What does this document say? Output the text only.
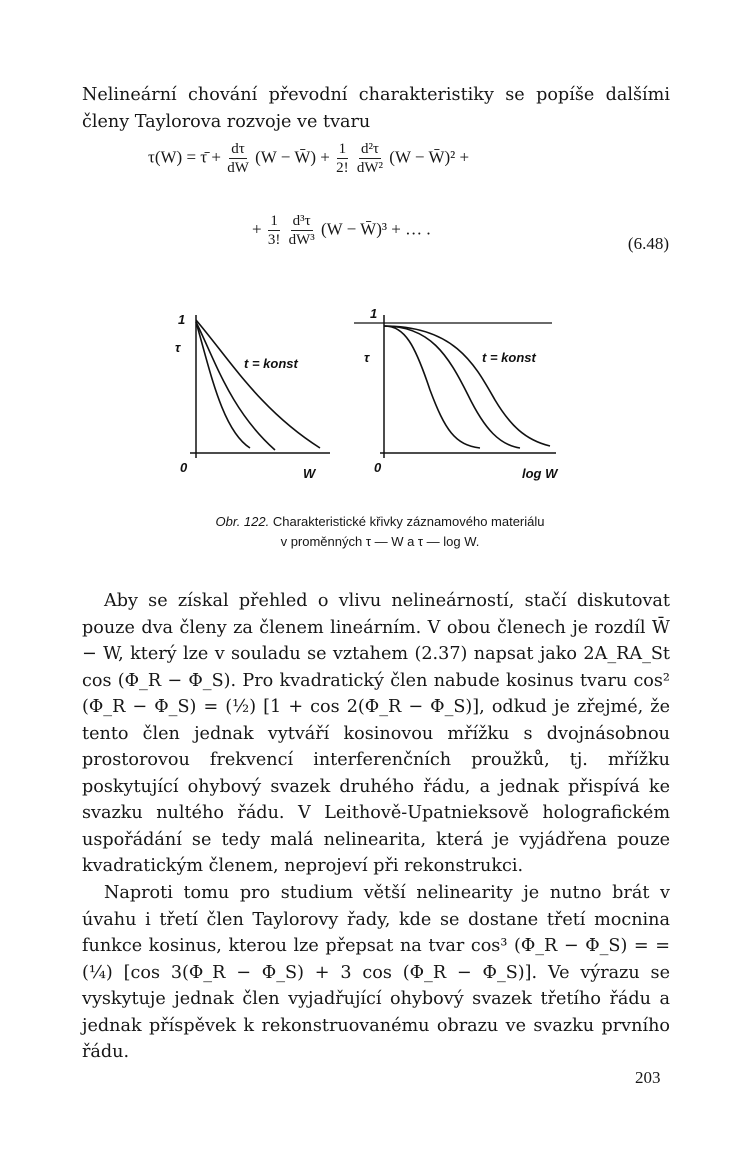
Nelineární chování převodní charakteristiky se popíše dalšími členy Taylorova rozvoje ve tvaru

τ(W) = τ̄ + $\frac{d\tau}{dW} (W$ − W̄) + $\frac{1}{2!}$
$\frac{\text{d²τ}}{\text{dW²}} (W$ − W̄)² +
+ $\frac{1}{3!}$
$\frac{\text{d³τ}}{\text{dW³}} (W$ − W̄)³ + … .
(6.48)
1
τ
0	W
t = konst
1
τ
0	log W
t = konst
Obr. 122. Charakteristické křivky záznamového materiálu
v proměnných τ — W a τ — log W.

Aby se získal přehled o vlivu nelineárností, stačí diskutovat pouze dva členy za členem lineárním. V obou členech je rozdíl W̄ − W, který lze v souladu se vztahem (2.37) napsat jako 2A_RA_St cos (Φ_R − Φ_S). Pro kvadratický člen nabude kosinus tvaru cos² (Φ_R − Φ_S) = (½) [1 + cos 2(Φ_R − Φ_S)], odkud je zřejmé, že tento člen jednak vytváří kosinovou mřížku s dvojnásobnou prostorovou frekvencí interferenčních proužků, tj. mřížku poskytující ohybový svazek druhého řádu, a jednak přispívá ke svazku nultého řádu. V Leithově-Upatnieksově holografickém uspořádání se tedy malá nelinearita, která je vyjádřena pouze kvadratickým členem, neprojeví při rekonstrukci.

Naproti tomu pro studium větší nelinearity je nutno brát v úvahu i třetí člen Taylorovy řady, kde se dostane třetí mocnina funkce kosinus, kterou lze přepsat na tvar cos³ (Φ_R − Φ_S) = = (¼) [cos 3(Φ_R − Φ_S) + 3 cos (Φ_R − Φ_S)]. Ve výrazu se vyskytuje jednak člen vyjadřující ohybový svazek třetího řádu a jednak příspěvek k rekonstruovanému obrazu ve svazku prvního řádu.

203
